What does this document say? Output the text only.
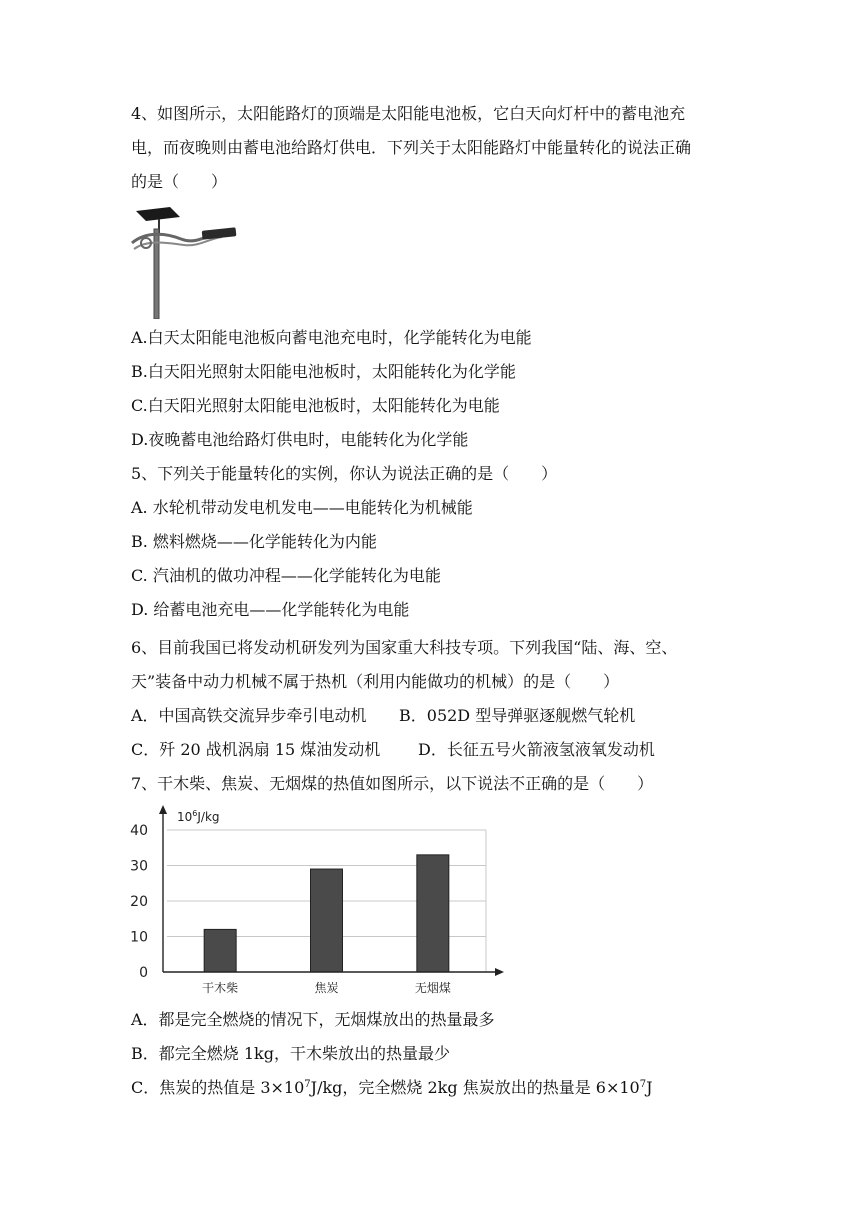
4、如图所示，太阳能路灯的顶端是太阳能电池板，它白天向灯杆中的蓄电池充
电，而夜晚则由蓄电池给路灯供电．下列关于太阳能路灯中能量转化的说法正确
的是（　　）
A.白天太阳能电池板向蓄电池充电时，化学能转化为电能
B.白天阳光照射太阳能电池板时，太阳能转化为化学能
C.白天阳光照射太阳能电池板时，太阳能转化为电能
D.夜晚蓄电池给路灯供电时，电能转化为化学能
5、下列关于能量转化的实例，你认为说法正确的是（　　）
A. 水轮机带动发电机发电——电能转化为机械能
B. 燃料燃烧——化学能转化为内能
C. 汽油机的做功冲程——化学能转化为电能
D. 给蓄电池充电——化学能转化为电能
6、目前我国已将发动机研发列为国家重大科技专项。下列我国“陆、海、空、
天”装备中动力机械不属于热机（利用内能做功的机械）的是（　　）
A．中国高铁交流异步牵引电动机 B．052D 型导弹驱逐舰燃气轮机
C．歼 20 战机涡扇 15 煤油发动机 D．长征五号火箭液氢液氧发动机
7、干木柴、焦炭、无烟煤的热值如图所示，以下说法不正确的是（　　）
0
10
20
30
40
干木柴	焦炭	无烟煤
$10^6J/kg$
A．都是完全燃烧的情况下，无烟煤放出的热量最多
B．都完全燃烧 1kg，干木柴放出的热量最少
C．焦炭的热值是 $3\times 10^7J/kg$，完全燃烧 2kg 焦炭放出的热量是 $6\times 10^7J$
